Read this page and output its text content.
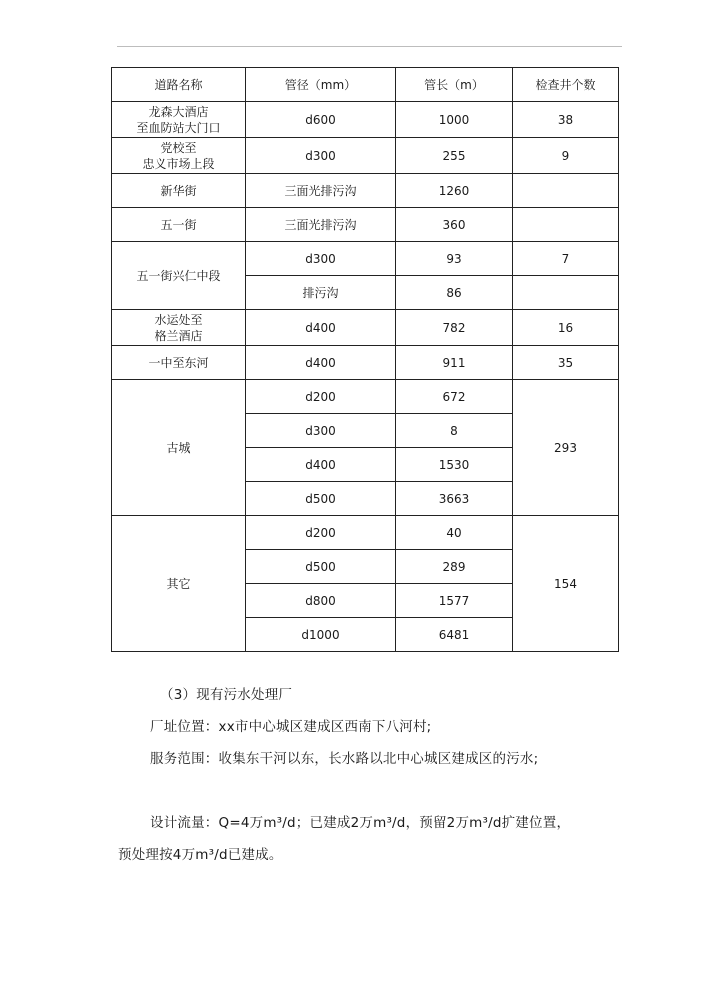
道路名称	管径（mm）	管长（m）	检查井个数

龙森大酒店
至血防站大门口	d600	1000	38

党校至
忠义市场上段	d300	255	9
新华街	三面光排污沟	1260	
五一街	三面光排污沟	360	
五一街兴仁中段	d300	93	7
	排污沟	86	

水运处至
格兰酒店	d400	782	16
一中至东河	d400	911	35
古城	d200	672	293
	d300	8	
	d400	1530	
	d500	3663	
其它	d200	40	154
	d500	289	
	d800	1577	
	d1000	6481	
（3）现有污水处理厂
厂址位置：xx市中心城区建成区西南下八河村;
服务范围：收集东干河以东，长水路以北中心城区建成区的污水;
设计流量：Q=4万m³/d；已建成2万m³/d，预留2万m³/d扩建位置，
预处理按4万m³/d已建成。
